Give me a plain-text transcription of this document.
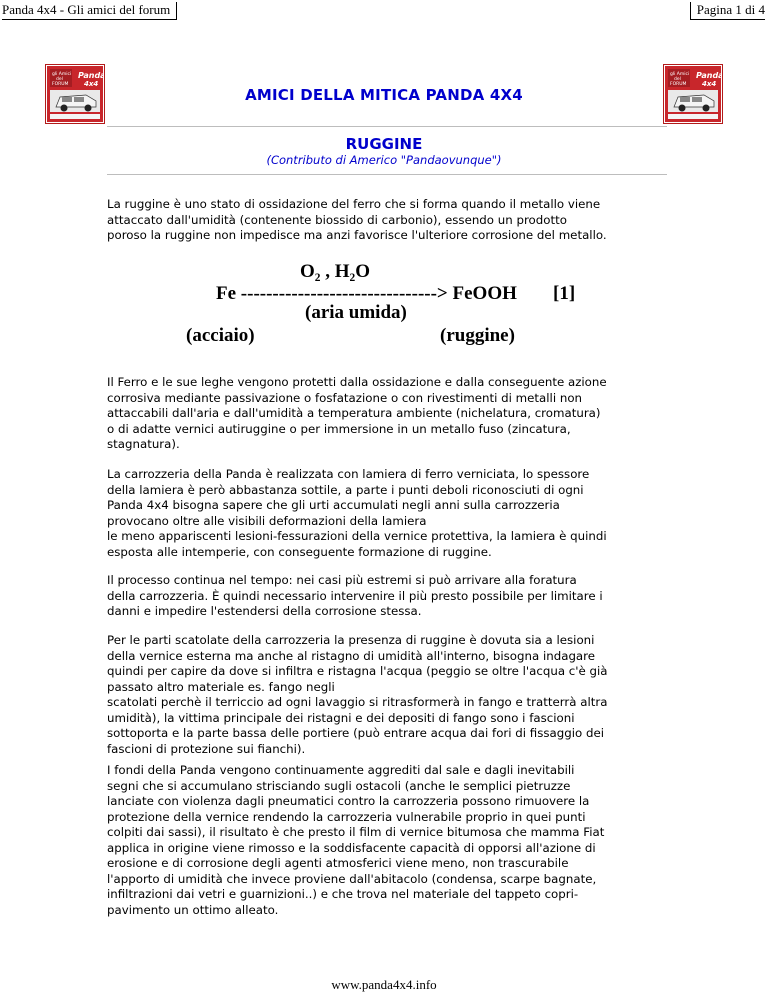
Panda 4x4 - Gli amici del forum	Pagina 1 di 4
gli Amici
del
FORUM
Panda
4x4
gli Amici
del
FORUM
Panda
4x4
AMICI DELLA MITICA PANDA 4X4
RUGGINE
(Contributo di Americo "Pandaovunque")

La ruggine è uno stato di ossidazione del ferro che si forma quando il metallo viene
attaccato dall'umidità (contenente biossido di carbonio), essendo un prodotto
poroso la ruggine non impedisce ma anzi favorisce l'ulteriore corrosione del metallo.

O₂ , H₂O
Fe -------------------------------> FeOOH [1]
(aria umida)
(acciaio)	(ruggine)

Il Ferro e le sue leghe vengono protetti dalla ossidazione e dalla conseguente azione
corrosiva mediante passivazione o fosfatazione o con rivestimenti di metalli non
attaccabili dall'aria e dall'umidità a temperatura ambiente (nichelatura, cromatura)
o di adatte vernici autiruggine o per immersione in un metallo fuso (zincatura,
stagnatura).

La carrozzeria della Panda è realizzata con lamiera di ferro verniciata, lo spessore
della lamiera è però abbastanza sottile, a parte i punti deboli riconosciuti di ogni
Panda 4x4 bisogna sapere che gli urti accumulati negli anni sulla carrozzeria
provocano oltre alle visibili deformazioni della lamiera
le meno appariscenti lesioni-fessurazioni della vernice protettiva, la lamiera è quindi
esposta alle intemperie, con conseguente formazione di ruggine.

Il processo continua nel tempo: nei casi più estremi si può arrivare alla foratura
della carrozzeria. È quindi necessario intervenire il più presto possibile per limitare i
danni e impedire l'estendersi della corrosione stessa.

Per le parti scatolate della carrozzeria la presenza di ruggine è dovuta sia a lesioni
della vernice esterna ma anche al ristagno di umidità all'interno, bisogna indagare
quindi per capire da dove si infiltra e ristagna l'acqua (peggio se oltre l'acqua c'è già
passato altro materiale es. fango negli
scatolati perchè il terriccio ad ogni lavaggio si ritrasformerà in fango e tratterrà altra
umidità), la vittima principale dei ristagni e dei depositi di fango sono i fascioni
sottoporta e la parte bassa delle portiere (può entrare acqua dai fori di fissaggio dei
fascioni di protezione sui fianchi).

I fondi della Panda vengono continuamente aggrediti dal sale e dagli inevitabili
segni che si accumulano strisciando sugli ostacoli (anche le semplici pietruzze
lanciate con violenza dagli pneumatici contro la carrozzeria possono rimuovere la
protezione della vernice rendendo la carrozzeria vulnerabile proprio in quei punti
colpiti dai sassi), il risultato è che presto il film di vernice bitumosa che mamma Fiat
applica in origine viene rimosso e la soddisfacente capacità di opporsi all'azione di
erosione e di corrosione degli agenti atmosferici viene meno, non trascurabile
l'apporto di umidità che invece proviene dall'abitacolo (condensa, scarpe bagnate,
infiltrazioni dai vetri e guarnizioni..) e che trova nel materiale del tappeto copri-
pavimento un ottimo alleato.

www.panda4x4.info
